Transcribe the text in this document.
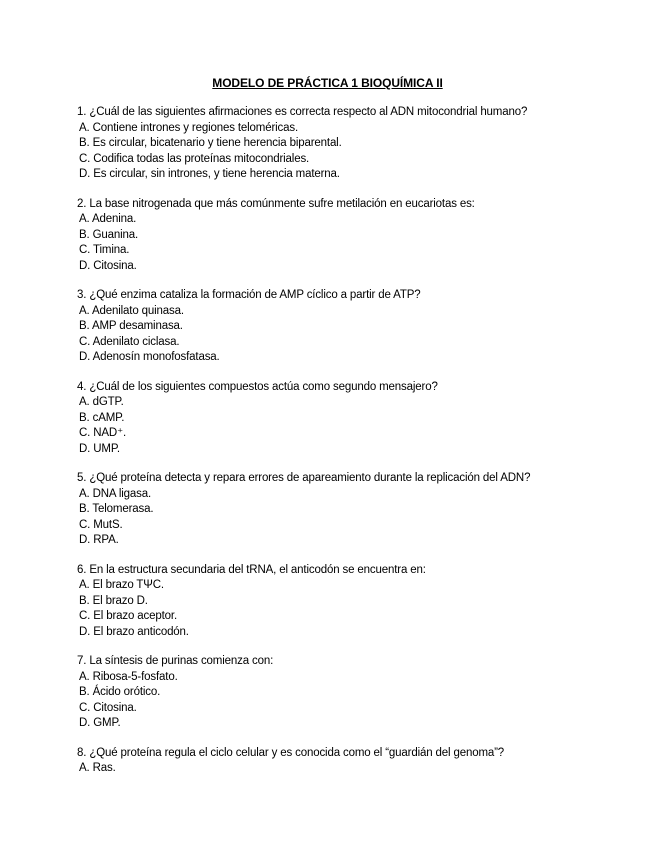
MODELO DE PRÁCTICA 1 BIOQUÍMICA II
1. ¿Cuál de las siguientes afirmaciones es correcta respecto al ADN mitocondrial humano?
A. Contiene intrones y regiones teloméricas.
B. Es circular, bicatenario y tiene herencia biparental.
C. Codifica todas las proteínas mitocondriales.
D. Es circular, sin intrones, y tiene herencia materna.
2. La base nitrogenada que más comúnmente sufre metilación en eucariotas es:
A. Adenina.
B. Guanina.
C. Timina.
D. Citosina.
3. ¿Qué enzima cataliza la formación de AMP cíclico a partir de ATP?
A. Adenilato quinasa.
B. AMP desaminasa.
C. Adenilato ciclasa.
D. Adenosín monofosfatasa.
4. ¿Cuál de los siguientes compuestos actúa como segundo mensajero?
A. dGTP.
B. cAMP.
C. NAD⁺.
D. UMP.
5. ¿Qué proteína detecta y repara errores de apareamiento durante la replicación del ADN?
A. DNA ligasa.
B. Telomerasa.
C. MutS.
D. RPA.
6. En la estructura secundaria del tRNA, el anticodón se encuentra en:
A. El brazo TΨC.
B. El brazo D.
C. El brazo aceptor.
D. El brazo anticodón.
7. La síntesis de purinas comienza con:
A. Ribosa-5-fosfato.
B. Ácido orótico.
C. Citosina.
D. GMP.
8. ¿Qué proteína regula el ciclo celular y es conocida como el “guardián del genoma”?
A. Ras.
